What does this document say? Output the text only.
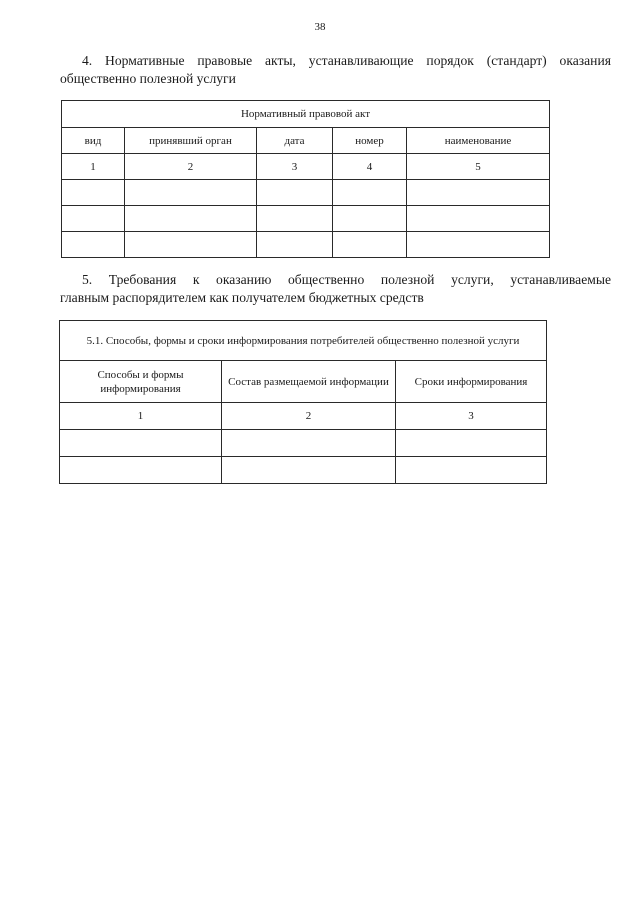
38
4. Нормативные правовые акты, устанавливающие порядок (стандарт) оказания
общественно полезной услуги
Нормативный правовой акт				
вид	принявший орган	дата	номер	наименование
1	2	3	4	5

5. Требования к оказанию общественно полезной услуги, устанавливаемые
главным распорядителем как получателем бюджетных средств
5.1. Способы, формы и сроки информирования потребителей общественно полезной услуги		
Способы и формы информирования	Состав размещаемой информации	Сроки информирования
1	2	3
